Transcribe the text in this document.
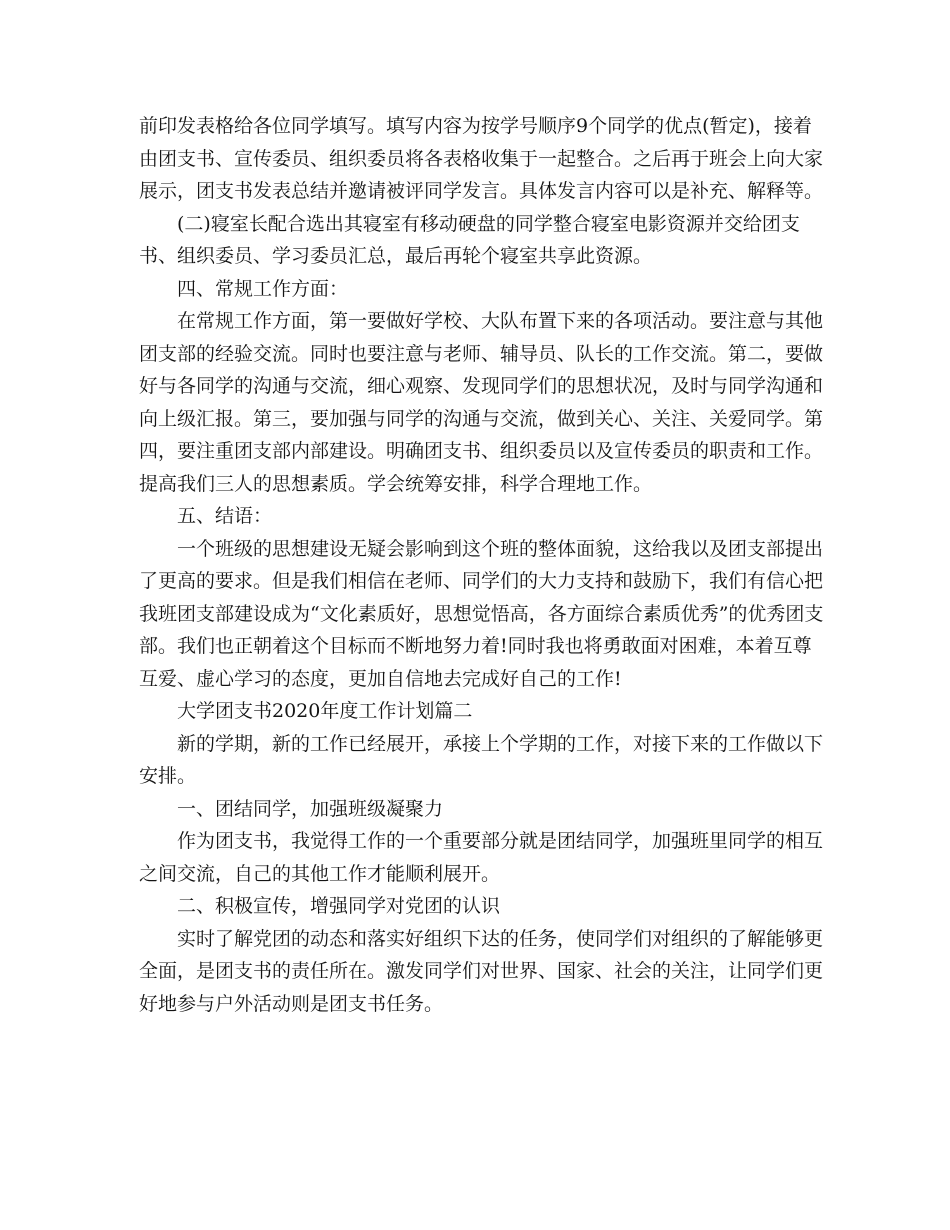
前印发表格给各位同学填写。填写内容为按学号顺序9个同学的优点(暂定)，接着由团支书、宣传委员、组织委员将各表格收集于一起整合。之后再于班会上向大家展示，团支书发表总结并邀请被评同学发言。具体发言内容可以是补充、解释等。

(二)寝室长配合选出其寝室有移动硬盘的同学整合寝室电影资源并交给团支书、组织委员、学习委员汇总，最后再轮个寝室共享此资源。

四、常规工作方面：

在常规工作方面，第一要做好学校、大队布置下来的各项活动。要注意与其他团支部的经验交流。同时也要注意与老师、辅导员、队长的工作交流。第二，要做好与各同学的沟通与交流，细心观察、发现同学们的思想状况，及时与同学沟通和向上级汇报。第三，要加强与同学的沟通与交流，做到关心、关注、关爱同学。第四，要注重团支部内部建设。明确团支书、组织委员以及宣传委员的职责和工作。提高我们三人的思想素质。学会统筹安排，科学合理地工作。

五、结语：

一个班级的思想建设无疑会影响到这个班的整体面貌，这给我以及团支部提出了更高的要求。但是我们相信在老师、同学们的大力支持和鼓励下，我们有信心把我班团支部建设成为“文化素质好，思想觉悟高，各方面综合素质优秀”的优秀团支部。我们也正朝着这个目标而不断地努力着!同时我也将勇敢面对困难，本着互尊互爱、虚心学习的态度，更加自信地去完成好自己的工作!

大学团支书2020年度工作计划篇二

新的学期，新的工作已经展开，承接上个学期的工作，对接下来的工作做以下安排。

一、团结同学，加强班级凝聚力

作为团支书，我觉得工作的一个重要部分就是团结同学，加强班里同学的相互之间交流，自己的其他工作才能顺利展开。

二、积极宣传，增强同学对党团的认识

实时了解党团的动态和落实好组织下达的任务，使同学们对组织的了解能够更全面，是团支书的责任所在。激发同学们对世界、国家、社会的关注，让同学们更好地参与户外活动则是团支书任务。
